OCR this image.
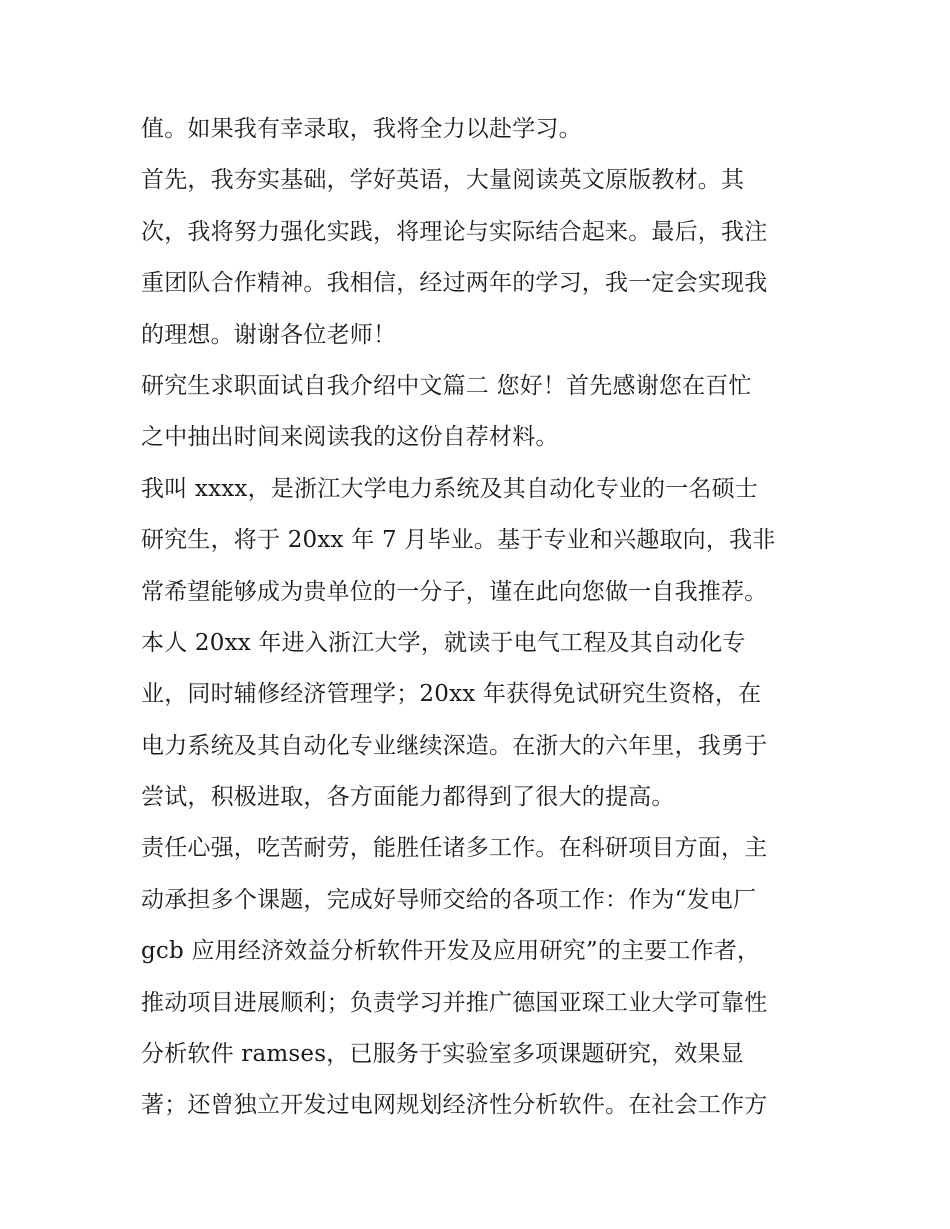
值。如果我有幸录取，我将全力以赴学习。
首先，我夯实基础，学好英语，大量阅读英文原版教材。其
次，我将努力强化实践，将理论与实际结合起来。最后，我注
重团队合作精神。我相信，经过两年的学习，我一定会实现我
的理想。谢谢各位老师！
研究生求职面试自我介绍中文篇二 您好！首先感谢您在百忙
之中抽出时间来阅读我的这份自荐材料。
我叫 xxxx，是浙江大学电力系统及其自动化专业的一名硕士
研究生，将于 20xx 年 7 月毕业。基于专业和兴趣取向，我非
常希望能够成为贵单位的一分子，谨在此向您做一自我推荐。
本人 20xx 年进入浙江大学，就读于电气工程及其自动化专
业，同时辅修经济管理学；20xx 年获得免试研究生资格，在
电力系统及其自动化专业继续深造。在浙大的六年里，我勇于
尝试，积极进取，各方面能力都得到了很大的提高。
责任心强，吃苦耐劳，能胜任诸多工作。在科研项目方面，主
动承担多个课题，完成好导师交给的各项工作：作为“发电厂
gcb 应用经济效益分析软件开发及应用研究”的主要工作者，
推动项目进展顺利；负责学习并推广德国亚琛工业大学可靠性
分析软件 ramses，已服务于实验室多项课题研究，效果显
著；还曾独立开发过电网规划经济性分析软件。在社会工作方
